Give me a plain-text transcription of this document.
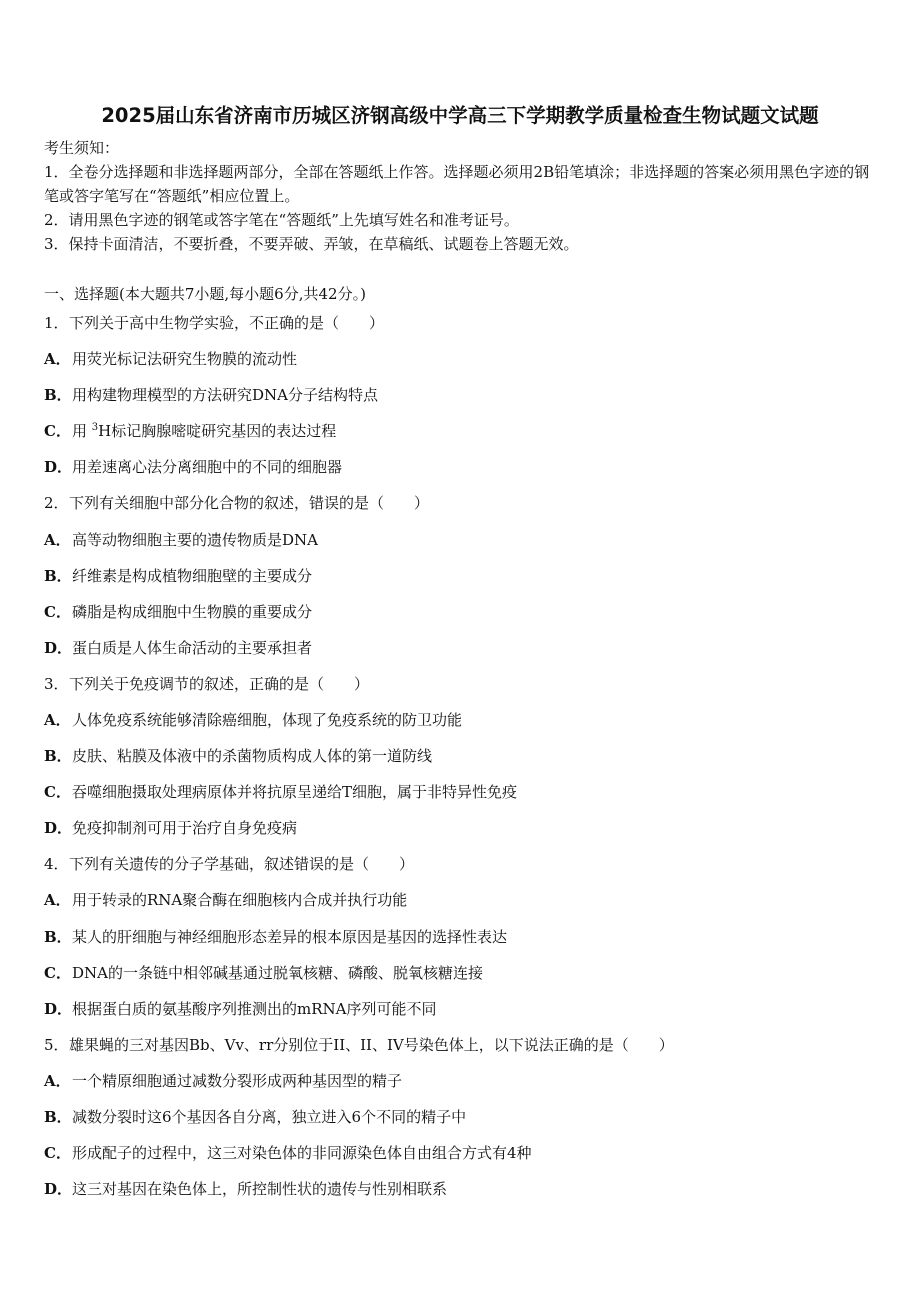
2025届山东省济南市历城区济钢高级中学高三下学期教学质量检查生物试题文试题
考生须知：

1．全卷分选择题和非选择题两部分，全部在答题纸上作答。选择题必须用2B铅笔填涂；非选择题的答案必须用黑色字迹的钢笔或答字笔写在“答题纸”相应位置上。

2．请用黑色字迹的钢笔或答字笔在“答题纸”上先填写姓名和准考证号。

3．保持卡面清洁，不要折叠，不要弄破、弄皱，在草稿纸、试题卷上答题无效。

一、选择题(本大题共7小题,每小题6分,共42分。)
1．下列关于高中生物学实验，不正确的是（　　）
A．用荧光标记法研究生物膜的流动性
B．用构建物理模型的方法研究DNA分子结构特点
C．用 $^3$H标记胸腺嘧啶研究基因的表达过程
D．用差速离心法分离细胞中的不同的细胞器
2．下列有关细胞中部分化合物的叙述，错误的是（　　）
A．高等动物细胞主要的遗传物质是DNA
B．纤维素是构成植物细胞壁的主要成分
C．磷脂是构成细胞中生物膜的重要成分
D．蛋白质是人体生命活动的主要承担者
3．下列关于免疫调节的叙述，正确的是（　　）
A．人体免疫系统能够清除癌细胞，体现了免疫系统的防卫功能
B．皮肤、粘膜及体液中的杀菌物质构成人体的第一道防线
C．吞噬细胞摄取处理病原体并将抗原呈递给T细胞，属于非特异性免疫
D．免疫抑制剂可用于治疗自身免疫病
4．下列有关遗传的分子学基础，叙述错误的是（　　）
A．用于转录的RNA聚合酶在细胞核内合成并执行功能
B．某人的肝细胞与神经细胞形态差异的根本原因是基因的选择性表达
C．DNA的一条链中相邻碱基通过脱氧核糖、磷酸、脱氧核糖连接
D．根据蛋白质的氨基酸序列推测出的mRNA序列可能不同
5．雄果蝇的三对基因Bb、Vv、rr分别位于II、II、IV号染色体上，以下说法正确的是（　　）
A．一个精原细胞通过减数分裂形成两种基因型的精子
B．减数分裂时这6个基因各自分离，独立进入6个不同的精子中
C．形成配子的过程中，这三对染色体的非同源染色体自由组合方式有4种
D．这三对基因在染色体上，所控制性状的遗传与性别相联系
